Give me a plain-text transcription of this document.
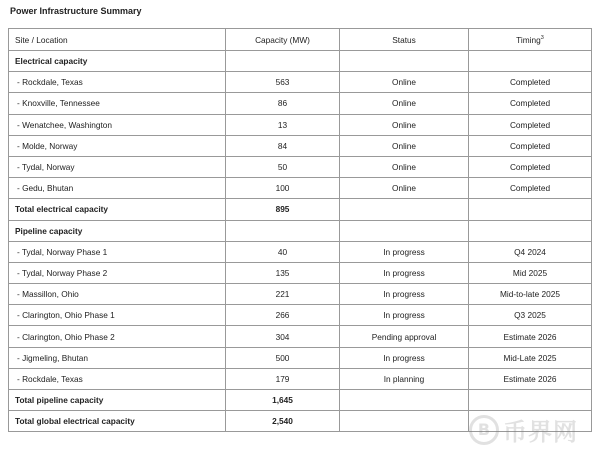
Power Infrastructure Summary
Site / Location	Capacity (MW)	Status	Timing$^3$
Electrical capacity			
- Rockdale, Texas	563	Online	Completed
- Knoxville, Tennessee	86	Online	Completed
- Wenatchee, Washington	13	Online	Completed
- Molde, Norway	84	Online	Completed
- Tydal, Norway	50	Online	Completed
- Gedu, Bhutan	100	Online	Completed
Total electrical capacity	895		
Pipeline capacity			
- Tydal, Norway Phase 1	40	In progress	Q4 2024
- Tydal, Norway Phase 2	135	In progress	Mid 2025
- Massillon, Ohio	221	In progress	Mid-to-late 2025
- Clarington, Ohio Phase 1	266	In progress	Q3 2025
- Clarington, Ohio Phase 2	304	Pending approval	Estimate 2026
- Jigmeling, Bhutan	500	In progress	Mid-Late 2025
- Rockdale, Texas	179	In planning	Estimate 2026
Total pipeline capacity	1,645		
Total global electrical capacity	2,540			B 币界网
